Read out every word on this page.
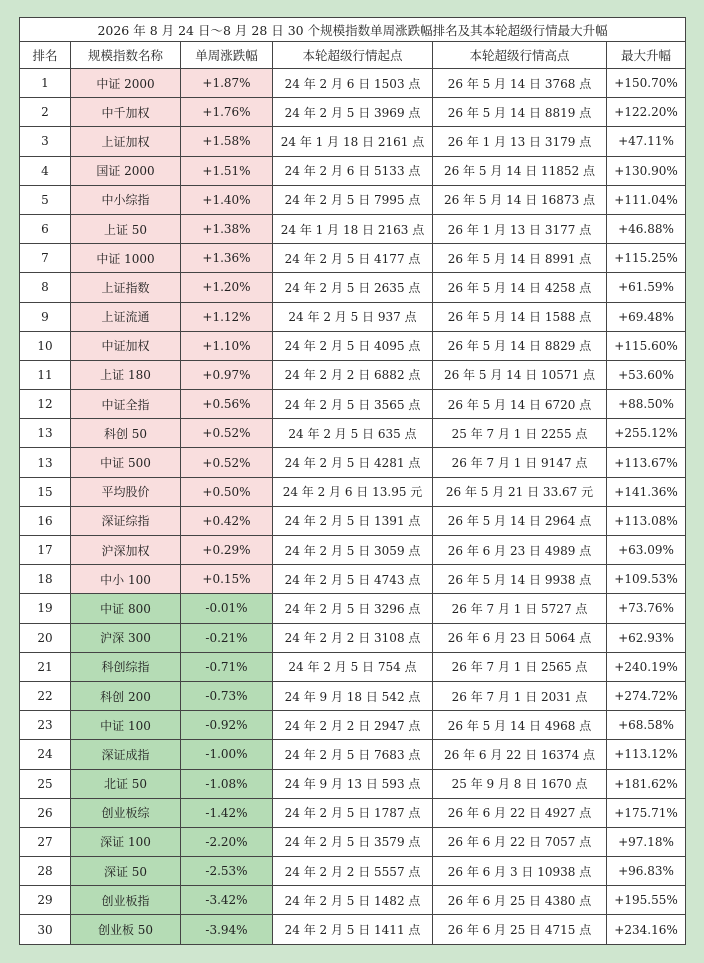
2026 年 8 月 24 日～8 月 28 日 30 个规模指数单周涨跌幅排名及其本轮超级行情最大升幅					
排名	规模指数名称	单周涨跌幅	本轮超级行情起点	本轮超级行情高点	最大升幅
1	中证 2000	+1.87%	24 年 2 月 6 日 1503 点	26 年 5 月 14 日 3768 点	+150.70%
2	中千加权	+1.76%	24 年 2 月 5 日 3969 点	26 年 5 月 14 日 8819 点	+122.20%
3	上证加权	+1.58%	24 年 1 月 18 日 2161 点	26 年 1 月 13 日 3179 点	+47.11%
4	国证 2000	+1.51%	24 年 2 月 6 日 5133 点	26 年 5 月 14 日 11852 点	+130.90%
5	中小综指	+1.40%	24 年 2 月 5 日 7995 点	26 年 5 月 14 日 16873 点	+111.04%
6	上证 50	+1.38%	24 年 1 月 18 日 2163 点	26 年 1 月 13 日 3177 点	+46.88%
7	中证 1000	+1.36%	24 年 2 月 5 日 4177 点	26 年 5 月 14 日 8991 点	+115.25%
8	上证指数	+1.20%	24 年 2 月 5 日 2635 点	26 年 5 月 14 日 4258 点	+61.59%
9	上证流通	+1.12%	24 年 2 月 5 日 937 点	26 年 5 月 14 日 1588 点	+69.48%
10	中证加权	+1.10%	24 年 2 月 5 日 4095 点	26 年 5 月 14 日 8829 点	+115.60%
11	上证 180	+0.97%	24 年 2 月 2 日 6882 点	26 年 5 月 14 日 10571 点	+53.60%
12	中证全指	+0.56%	24 年 2 月 5 日 3565 点	26 年 5 月 14 日 6720 点	+88.50%
13	科创 50	+0.52%	24 年 2 月 5 日 635 点	25 年 7 月 1 日 2255 点	+255.12%
13	中证 500	+0.52%	24 年 2 月 5 日 4281 点	26 年 7 月 1 日 9147 点	+113.67%
15	平均股价	+0.50%	24 年 2 月 6 日 13.95 元	26 年 5 月 21 日 33.67 元	+141.36%
16	深证综指	+0.42%	24 年 2 月 5 日 1391 点	26 年 5 月 14 日 2964 点	+113.08%
17	沪深加权	+0.29%	24 年 2 月 5 日 3059 点	26 年 6 月 23 日 4989 点	+63.09%
18	中小 100	+0.15%	24 年 2 月 5 日 4743 点	26 年 5 月 14 日 9938 点	+109.53%
19	中证 800	-0.01%	24 年 2 月 5 日 3296 点	26 年 7 月 1 日 5727 点	+73.76%
20	沪深 300	-0.21%	24 年 2 月 2 日 3108 点	26 年 6 月 23 日 5064 点	+62.93%
21	科创综指	-0.71%	24 年 2 月 5 日 754 点	26 年 7 月 1 日 2565 点	+240.19%
22	科创 200	-0.73%	24 年 9 月 18 日 542 点	26 年 7 月 1 日 2031 点	+274.72%
23	中证 100	-0.92%	24 年 2 月 2 日 2947 点	26 年 5 月 14 日 4968 点	+68.58%
24	深证成指	-1.00%	24 年 2 月 5 日 7683 点	26 年 6 月 22 日 16374 点	+113.12%
25	北证 50	-1.08%	24 年 9 月 13 日 593 点	25 年 9 月 8 日 1670 点	+181.62%
26	创业板综	-1.42%	24 年 2 月 5 日 1787 点	26 年 6 月 22 日 4927 点	+175.71%
27	深证 100	-2.20%	24 年 2 月 5 日 3579 点	26 年 6 月 22 日 7057 点	+97.18%
28	深证 50	-2.53%	24 年 2 月 2 日 5557 点	26 年 6 月 3 日 10938 点	+96.83%
29	创业板指	-3.42%	24 年 2 月 5 日 1482 点	26 年 6 月 25 日 4380 点	+195.55%
30	创业板 50	-3.94%	24 年 2 月 5 日 1411 点	26 年 6 月 25 日 4715 点	+234.16%
